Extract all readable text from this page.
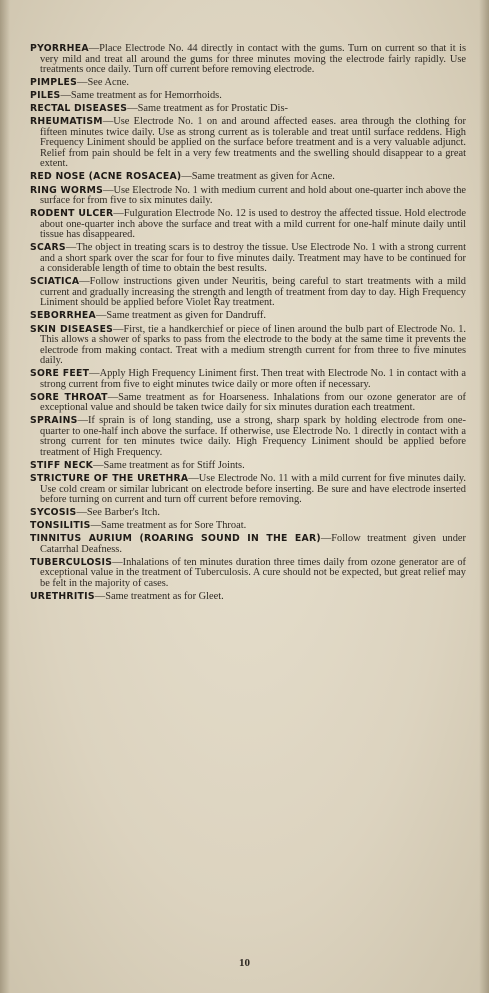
PYORRHEA—Place Electrode No. 44 directly in contact with the gums. Turn on current so that it is very mild and treat all around the gums for three minutes moving the electrode fairly rapidly. Use treatments once daily. Turn off current before removing electrode.

PIMPLES—See Acne.

PILES—Same treatment as for Hemorrhoids.

RECTAL DISEASES—Same treatment as for Prostatic Dis-

RHEUMATISM—Use Electrode No. 1 on and around affected eases. area through the clothing for fifteen minutes twice daily. Use as strong current as is tolerable and treat until surface reddens. High Frequency Liniment should be applied on the surface before treatment and is a very valuable adjunct. Relief from pain should be felt in a very few treatments and the swelling should disappear to a great extent.

RED NOSE (ACNE ROSACEA)—Same treatment as given for Acne.

RING WORMS—Use Electrode No. 1 with medium current and hold about one-quarter inch above the surface for from five to six minutes daily.

RODENT ULCER—Fulguration Electrode No. 12 is used to destroy the affected tissue. Hold electrode about one-quarter inch above the surface and treat with a mild current for one-half minute daily until tissue has disappeared.

SCARS—The object in treating scars is to destroy the tissue. Use Electrode No. 1 with a strong current and a short spark over the scar for four to five minutes daily. Treatment may have to be continued for a considerable length of time to obtain the best results.

SCIATICA—Follow instructions given under Neuritis, being careful to start treatments with a mild current and gradually increasing the strength and length of treatment from day to day. High Frequency Liniment should be applied before Violet Ray treatment.

SEBORRHEA—Same treatment as given for Dandruff.

SKIN DISEASES—First, tie a handkerchief or piece of linen around the bulb part of Electrode No. 1. This allows a shower of sparks to pass from the electrode to the body at the same time it prevents the electrode from making contact. Treat with a medium strength current for from three to five minutes daily.

SORE FEET—Apply High Frequency Liniment first. Then treat with Electrode No. 1 in contact with a strong current from five to eight minutes twice daily or more often if necessary.

SORE THROAT—Same treatment as for Hoarseness. Inhalations from our ozone generator are of exceptional value and should be taken twice daily for six minutes duration each treatment.

SPRAINS—If sprain is of long standing, use a strong, sharp spark by holding electrode from one-quarter to one-half inch above the surface. If otherwise, use Electrode No. 1 directly in contact with a strong current for ten minutes twice daily. High Frequency Liniment should be applied before treatment of High Frequency.

STIFF NECK—Same treatment as for Stiff Joints.

STRICTURE OF THE URETHRA—Use Electrode No. 11 with a mild current for five minutes daily. Use cold cream or similar lubricant on electrode before inserting. Be sure and have electrode inserted before turning on current and turn off current before removing.

SYCOSIS—See Barber's Itch.

TONSILITIS—Same treatment as for Sore Throat.

TINNITUS AURIUM (ROARING SOUND IN THE EAR)—Follow treatment given under Catarrhal Deafness.

TUBERCULOSIS—Inhalations of ten minutes duration three times daily from ozone generator are of exceptional value in the treatment of Tuberculosis. A cure should not be expected, but great relief may be felt in the majority of cases.

URETHRITIS—Same treatment as for Gleet.

10
